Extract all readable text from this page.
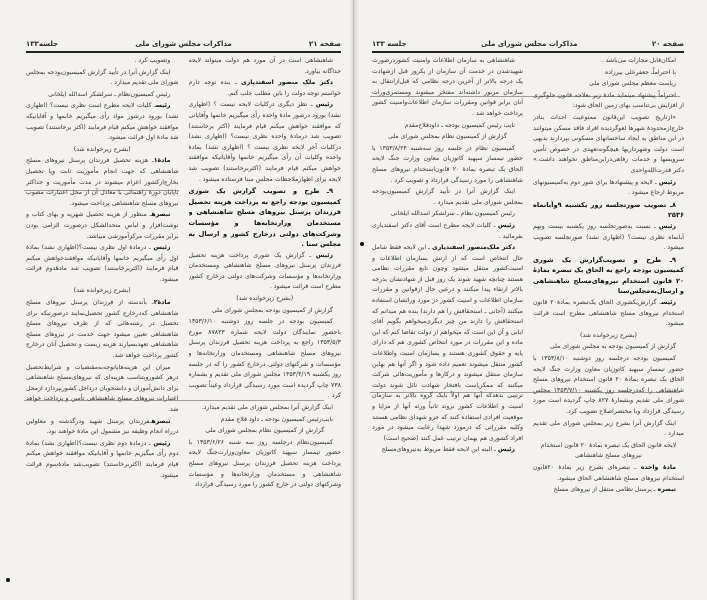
صفحه ۲۱
مذاکرات مجلس شورای ملی
جلسه۱۳۳

شاهنشاهی است در آن مورد هم دولت میتواند لایحه جداگانه بیاورد.

دکتر ملک منصور اسفندیاری ـ بنده توجه دارم خواستم توجه دولت را باین مطلب جلب کنم.

رئیس ـ نظر دیگری درکلیات لایحه نیست ؟ (اظهاری نشد) بورود درشور مادهٔ واحده رأی میگیریم خانمها وآقایانی که موافقند خواهش میکنم قیام فرمایند (اکثر برخاستند) تصویب شد درمادهٔ واحده نظری نیست؟ (اظهاری نشد) درکلیات آخر لایحه نظری نیست ؟ (اظهاری نشد) بمادهٔ واحده وکلیات آن رأی میگیریم خانمها وآقایانیکه موافقند خواهش میکنم قیام فرمایند (اکثربرخاستند) تصویب شد لایحه برای اظهارملاحظات مجلس سنا فرستاده میشود .

۹ـ طرح و تصویب گزارش یک شوری کمیسیون بودجه راجع به پرداخت هزینه تحصیل فرزندان پرسنل نیروهای مسلح شاهنشاهی و مستخدمان وزارتخانه‌ها و مؤسسات وشرکت‌های دولتی درخارج کشور و ارسال به مجلس سنا .

رئیس ـ گزارش یک شوری پرداخت هزینه تحصیل فرزندان پرسنل نیروهای مسلح شاهنشاهی ومستخدمان وزارتخانه‌ها و مؤسسات وشرکت‌های دولتی درخارج کشور مطرح است قرائت میشود .

(بشرح زیرخوانده شد)

گزارش از کمیسیون بودجه بمجلس شورای ملی

کمیسیون بودجه در جلسه روز دوشنبه ۱۳۵۳/۶/۱۰ باحضور نمایندگان دولت لایحه شماره ۸۷۸۲۳ مورخ ۱۳۵۳/۵/۳ راجع به پرداخت هزینه تحصیل فرزندان پرسنل نیروهای مسلح شاهنشاهی ومستخدمان وزارتخانه‌ها و مؤسسات و شرکتهای دولتی درخارج کشور را که در جلسه روز یکشنبه ۱۳۵۳/۴/۱۹ مجلس شورای ملی تقدیم و بشماره ۷۳۸ چاپ گردیده است مورد رسیدگی قرارداد وعیناً تصویب کرد .

اینک گزارش آنرا بمجلس شورای ملی تقدیم میدارد.

نایب‌رئیس کمیسیون بودجه ـ داود فلاح مقدم

گزارش از کمیسیون نظام بمجلس شورای ملی

کمیسیون‌نظام درجلسه روز سه شنبه ۱۳۵۳/۶/۲۶ با حضور تیمسار سپهبد کاتوزیان معاون‌وزارت‌جنگ لایحه پرداخت هزینه تحصیل فرزندان پرسنل نیروهای مسلح شاهنشاهی و مستخدمان وزارتخانه‌ها و مؤسسات وشرکتهای دولتی در خارج کشور را مورد رسیدگی قرارداد

وتصویب کرد .

اینک گزارش آنرا در تأیید گزارش کمیسیون‌بودجه بمجلس شورای ملی تقدیم میدارد .

رئیس کمیسیون‌نظام ـ سرلشکر اسدالله ایلخانی

رئیسـ کلیات لایحه مطرح است نظری نیست؟ (اظهاری نشد) بورود درشور مواد رأی میگیریم خانمها و آقایانیکه موافقند خواهش میکنم قیام فرمایند (اکثر برخاستند) تصویب شد مادهٔ اول قرائت میشود.

(بشرح زیرخوانده شد)

مادهٔ۱ـ هزینه تحصیل فرزندان پرسنل نیروهای مسلح شاهنشاهی که جهت انجام مأموریت ثابت ویا تحصیل بخارج‌ازکشور اعزام میشوند در مدت مأموریت و حداکثر تاپایان دورهٔ راهنمائی یا معادل آن از محل اعتبارات مصوب نیروهای مسلح شاهنشاهی پرداخت میشود.

تبصرهـ منظور از هزینه تحصیل شهریه و بهای کتاب و نوشت‌افزار و لباس متحدالشکل درصورت الزامی بودن برابر مقررات مرکزآموزشی میباشد.

رئیس ـ درمادهٔ اول نظری نیست؟(اظهاری نشد) بمادهٔ اول رأی میگیریم خانمها وآقایانیکه موافقندخواهش میکنم قیام فرمایند (اکثربرخاستند) تصویب شد مادهٔدوم قرائت میشود.

(بشرح زیرخوانده شد)

مادهٔ۲ـ بآندسته از فرزندان پرسنل نیروهای مسلح شاهنشاهی که‌درخارج کشور تحصیل‌نمایند درصورتیکه برای تحصیل در رشته‌هائی که از طرف نیروهای مسلح شاهنشاهی تعیین میشود جهت خدمت در نیروهای مسلح شاهنشاهی تعهدبسپارند هزینه زیست و تحصیل آنان درخارج کشور پرداخت خواهد شد.

میزان این هزینه‌هاباتوجه‌به‌مقتضیات و شرایط‌تحصیل درهر کشوروبتناسب هزینه‌ای که نیروهای‌مسلح شاهنشاهی برای دانش‌آموزان و دانشجویان درداخل کشوربپردازد ازمحل اعتبارات نیروهای مسلح شاهنشاهی تأمین و پرداخت خواهد شد.

تبصرهـفرزندان پرسنل شهید ودرگذشته و معلولین درراه انجام وظیفه نیز مشمول این مادهٔ خواهند بود.

رئیس ـ درمادهٔ دوم نظری نیست؟(اظهاری نشد) بمادهٔ دوم رأی میگیریم خانمها و آقایانیکه موافقند خواهش میکنم قیام فرمایند (اکثربرخاستند) تصویب‌شد مادهٔ‌سوم قرائت میشود.

صفحه ۲۰
مذاکرات مجلس شورای ملی
جلسه ۱۳۳

امکان‌قابل مجازات می‌باشد .

با احتراماًـ جعفرعلی بیرزاده

ریاست معظم مجلس شورای ملی

احتراماً پیشنهاد مینماید مادهٔ زیر بعلاجه قانون جلوگیری از افزایش بی‌تناسب بهای زمین الحاق شود:

«ازتاریخ تصویب این‌قانون ممنوعیت احداث بنادر خارج‌ازمحدودهٔ شهرها لغوگردیده افراد فاقد مسکن میتوانند در این مناطق به ایجاد ساختمانهای مسکونی بپردازند بدیهی است دولت وشهرداریها هیچگونه‌تعهدی در خصوص تأمین سرویسها و خدمات رفاهی‌دراین‌مناطق نخواهند داشت.» دکتر قدرت‌الله‌واحدی

رئیس ـ لایحه و پیشنهادها برای شور دوم به‌کمیسیونهای مربوط ارجاع میشود .

۸ـ تصویب صورتجلسه روز یکشنبه ۹وآبانماه ۲۵۳۶

رئیس ـ نسبت به‌صورتجلسه روز یکشنبه بیست ونهم آبانماه نظری نیست؟ (اظهاری نشد) صورتجلسه تصویب میشود .

۹ـ طرح و تصویب‌گزارش یک شوری کمیسیون بودجه راجع به الحاق یک تبصره بمادهٔ ۲۰ قانون استخدام نیروهای‌مسلح شاهنشاهی و ارسال‌به‌مجلس‌سنا

رئیسـ گزارش‌یکشوری الحاق یک‌تبصره بمادهٔ۲۰ قانون استخدام نیروهای مسلح شاهنشاهی مطرح است قرائت میشود.

(بشرح زیرخوانده شد)

گزارش از کمیسیون بودجه به مجلس شورای ملی

کمیسیون بودجه درجلسه روز دوشنبه ۱۳۵۳/۸/۱۰ با حضور تیمسار سپهبد کاتوزیان معاون وزارت جنگ لایحه الحاق یک تبصره بمادهٔ ۲۰ قانون استخدام نیروهای مسلح شاهنشاهی را که‌درجلسه روز یکشنبه ۱۳۵۳/۷/۱۰ مجلس شورای ملی تقدیم وبشمارهٔ ۸۲۷ چاپ گردیده است مورد رسیدگی قرارداد وبا مختصراصلاح تصویب کرد.

اینک گزارش آنرا بشرح زیر بمجلس شورای ملی تقدیم میدارد .

لایحه قانون الحاق یک تبصره بمادهٔ ۲۰ قانون استخدام نیروهای مسلح شاهنشاهی

مادهٔ واحده ـ تبصره‌ای بشرح زیر بمادهٔ ۲۰قانون استخدام نیروهای مسلح شاهنشاهی الحاق میشود.

تبصره ـ پرسنل نظامی منتقل از نیروهای مسلح

شاهنشاهی به سازمان اطلاعات وامنیت کشوردرصورت شهیدشدن در خدمت آن سازمان از یکروز قبل ازشهادت یک درجه بالاتر از آخرین درجه نظامی که قبل‌ازانتقال به سازمان مزبور داشته‌اند مفتخر میشوند ومستمری‌وراث آنان برابر قوانین ومقررات سازمان اطلاعات‌وامنیت کشور پرداخت خواهد شد .

نایب رئیس کمیسیون بودجه ـ داودفلاح‌مقدم

گزارش از کمیسیون نظام بمجلس شورای ملی

کمیسیون نظام در جلسه روز سه‌شنبه ۱۳۵۳/۸/۲۴ با حضور تیمسار سپهبد کاتوزیان معاون وزارت جنگ لایحه الحاق یک تبصره بمادهٔ ۲۰ قانون‌استخدام نیروهای مسلح شاهنشاهی را مورد رسیدگی قرارداد و تصویب کرد .

اینک گزارش آنرا در تأیید گزارش کمیسیون‌بودجه بمجلس شورای ملی تقدیم میدارد .

رئیس کمیسیون نظام ـ سرلشکر اسدالله ایلخانی

رئیس ـ کلیات لایحه مطرح است آقای دکتر اسفندیاری بفرمائید .

دکتر ملک‌منصور اسفندیاری ـ این لایحه فقط شامل حال انتخاص است که از ارتش بسازمان اطلاعات و امنیت‌کشور منتقل میشود وچون تابع مقررات نظامی هستند چنانچه شهید شوند یک روز قبل از شهادتشان بدرجه بالاتر ارتقاء پیدا میکنند و درعین حال ازقوانین و مقررات سازمان اطلاعات و امنیت کشور در مورد وراثشان استفاده میکنند (آجانی ـ استحقاقش را هم دارند) بنده هم میدانم که استحقاقش را دارند من چیز دیگری‌میخواهم بگویم آقای ایانی و آن این است که میخواهم از دولت تقاضا کنم که این ماده و این مقررات در مورد انتخاص کشوری هم که دارای پایه و حقوق کشوری هستند و بسازمان امنیت واطلاعات کشور منتقل میشوند تعمیم داده شود و اگر آنها هم بهاین سازمان منتقل میشوند و درکارها و مأموریت‌هائی شرکت میکنند که ممکن‌است بافتخار شهادت نائل شوند دولت ترتیبی بدهدکه آنها هم اولاً بایک گروه بالاتر به سازمان امنیت و اطلاعات کشور بروند ثانیاً ورثه آنها از مزایا و موقعیت افرادی استفاده کنند که جزو شهدای نظامی هستند وکلیه مقرراتی که درمورد شهدا رعایت میشود در مورد افراد کشوری هم بهمان ترتیب عمل کنند (صحیح است)

رئیس ـ البته این لایحه فقط مربوط به‌نیروهای‌مسلح
